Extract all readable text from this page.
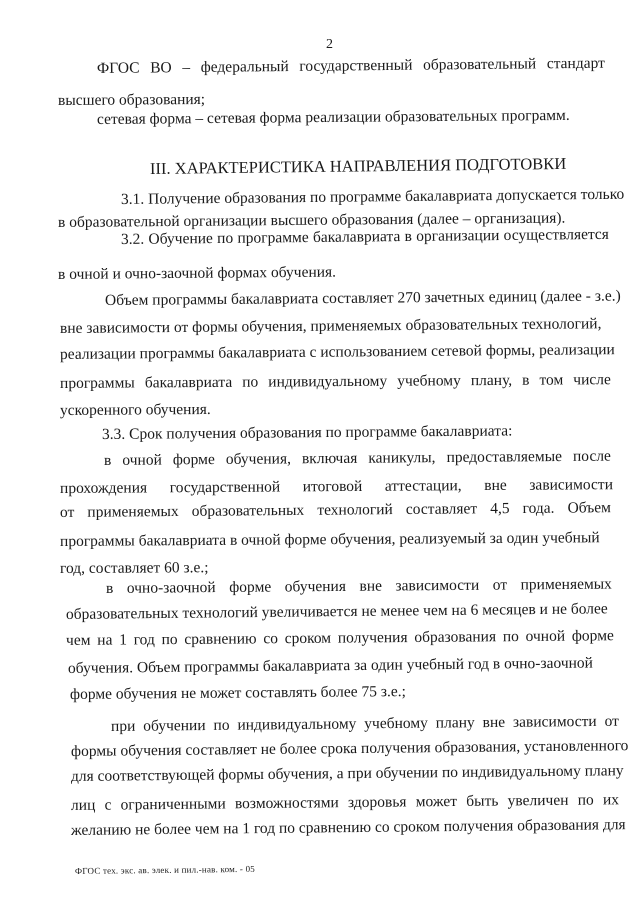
2
ФГОС ВО – федеральный государственный образовательный стандарт
высшего образования;
сетевая форма – сетевая форма реализации образовательных программ.
III. ХАРАКТЕРИСТИКА НАПРАВЛЕНИЯ ПОДГОТОВКИ
3.1. Получение образования по программе бакалавриата допускается только
в образовательной организации высшего образования (далее – организация).
3.2. Обучение по программе бакалавриата в организации осуществляется
в очной и очно-заочной формах обучения.
Объем программы бакалавриата составляет 270 зачетных единиц (далее - з.е.)
вне зависимости от формы обучения, применяемых образовательных технологий,
реализации программы бакалавриата с использованием сетевой формы, реализации
программы бакалавриата по индивидуальному учебному плану, в том числе
ускоренного обучения.
3.3. Срок получения образования по программе бакалавриата:
в очной форме обучения, включая каникулы, предоставляемые после
прохождения государственной итоговой аттестации, вне зависимости
от применяемых образовательных технологий составляет 4,5 года. Объем
программы бакалавриата в очной форме обучения, реализуемый за один учебный
год, составляет 60 з.е.;
в очно-заочной форме обучения вне зависимости от применяемых
образовательных технологий увеличивается не менее чем на 6 месяцев и не более
чем на 1 год по сравнению со сроком получения образования по очной форме
обучения. Объем программы бакалавриата за один учебный год в очно-заочной
форме обучения не может составлять более 75 з.е.;
при обучении по индивидуальному учебному плану вне зависимости от
формы обучения составляет не более срока получения образования, установленного
для соответствующей формы обучения, а при обучении по индивидуальному плану
лиц с ограниченными возможностями здоровья может быть увеличен по их
желанию не более чем на 1 год по сравнению со сроком получения образования для
ФГОС тех. экс. ав. элек. и пил.-нав. ком. - 05
